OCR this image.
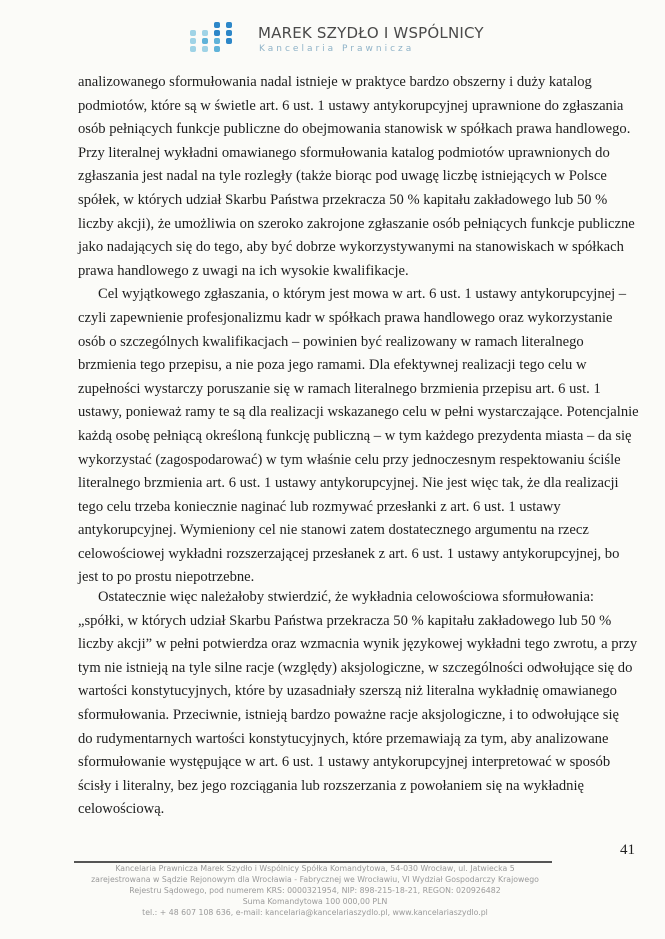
MAREK SZYDŁO I WSPÓLNICY
Kancelaria Prawnicza
analizowanego sformułowania nadal istnieje w praktyce bardzo obszerny i duży katalog
podmiotów, które są w świetle art. 6 ust. 1 ustawy antykorupcyjnej uprawnione do zgłaszania
osób pełniących funkcje publiczne do obejmowania stanowisk w spółkach prawa handlowego.
Przy literalnej wykładni omawianego sformułowania katalog podmiotów uprawnionych do
zgłaszania jest nadal na tyle rozległy (także biorąc pod uwagę liczbę istniejących w Polsce
spółek, w których udział Skarbu Państwa przekracza 50 % kapitału zakładowego lub 50 %
liczby akcji), że umożliwia on szeroko zakrojone zgłaszanie osób pełniących funkcje publiczne
jako nadających się do tego, aby być dobrze wykorzystywanymi na stanowiskach w spółkach
prawa handlowego z uwagi na ich wysokie kwalifikacje.
Cel wyjątkowego zgłaszania, o którym jest mowa w art. 6 ust. 1 ustawy antykorupcyjnej –
czyli zapewnienie profesjonalizmu kadr w spółkach prawa handlowego oraz wykorzystanie
osób o szczególnych kwalifikacjach – powinien być realizowany w ramach literalnego
brzmienia tego przepisu, a nie poza jego ramami. Dla efektywnej realizacji tego celu w
zupełności wystarczy poruszanie się w ramach literalnego brzmienia przepisu art. 6 ust. 1
ustawy, ponieważ ramy te są dla realizacji wskazanego celu w pełni wystarczające. Potencjalnie
każdą osobę pełniącą określoną funkcję publiczną – w tym każdego prezydenta miasta – da się
wykorzystać (zagospodarować) w tym właśnie celu przy jednoczesnym respektowaniu ściśle
literalnego brzmienia art. 6 ust. 1 ustawy antykorupcyjnej. Nie jest więc tak, że dla realizacji
tego celu trzeba koniecznie naginać lub rozmywać przesłanki z art. 6 ust. 1 ustawy
antykorupcyjnej. Wymieniony cel nie stanowi zatem dostatecznego argumentu na rzecz
celowościowej wykładni rozszerzającej przesłanek z art. 6 ust. 1 ustawy antykorupcyjnej, bo
jest to po prostu niepotrzebne.
Ostatecznie więc należałoby stwierdzić, że wykładnia celowościowa sformułowania:
„spółki, w których udział Skarbu Państwa przekracza 50 % kapitału zakładowego lub 50 %
liczby akcji” w pełni potwierdza oraz wzmacnia wynik językowej wykładni tego zwrotu, a przy
tym nie istnieją na tyle silne racje (względy) aksjologiczne, w szczególności odwołujące się do
wartości konstytucyjnych, które by uzasadniały szerszą niż literalna wykładnię omawianego
sformułowania. Przeciwnie, istnieją bardzo poważne racje aksjologiczne, i to odwołujące się
do rudymentarnych wartości konstytucyjnych, które przemawiają za tym, aby analizowane
sformułowanie występujące w art. 6 ust. 1 ustawy antykorupcyjnej interpretować w sposób
ścisły i literalny, bez jego rozciągania lub rozszerzania z powołaniem się na wykładnię
celowościową.
41
Kancelaria Prawnicza Marek Szydło i Wspólnicy Spółka Komandytowa, 54-030 Wrocław, ul. Jatwiecka 5
zarejestrowana w Sądzie Rejonowym dla Wrocławia - Fabrycznej we Wrocławiu, VI Wydział Gospodarczy Krajowego
Rejestru Sądowego, pod numerem KRS: 0000321954, NIP: 898-215-18-21, REGON: 020926482
Suma Komandytowa 100 000,00 PLN
tel.: + 48 607 108 636, e-mail: kancelaria@kancelariaszydlo.pl, www.kancelariaszydlo.pl
